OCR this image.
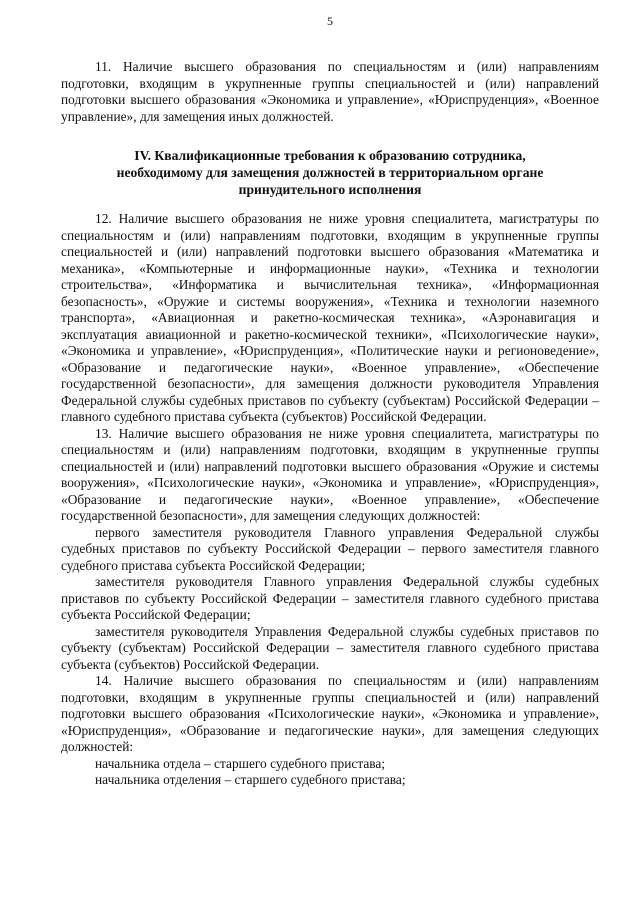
5

11. Наличие высшего образования по специальностям и (или) направлениям подготовки, входящим в укрупненные группы специальностей и (или) направлений подготовки высшего образования «Экономика и управление», «Юриспруденция», «Военное управление», для замещения иных должностей.

IV. Квалификационные требования к образованию сотрудника,
необходимому для замещения должностей в территориальном органе
принудительного исполнения

12. Наличие высшего образования не ниже уровня специалитета, магистратуры по специальностям и (или) направлениям подготовки, входящим в укрупненные группы специальностей и (или) направлений подготовки высшего образования «Математика и механика», «Компьютерные и информационные науки», «Техника и технологии строительства», «Информатика и вычислительная техника», «Информационная безопасность», «Оружие и системы вооружения», «Техника и технологии наземного транспорта», «Авиационная и ракетно-космическая техника», «Аэронавигация и эксплуатация авиационной и ракетно-космической техники», «Психологические науки», «Экономика и управление», «Юриспруденция», «Политические науки и регионоведение», «Образование и педагогические науки», «Военное управление», «Обеспечение государственной безопасности», для замещения должности руководителя Управления Федеральной службы судебных приставов по субъекту (субъектам) Российской Федерации – главного судебного пристава субъекта (субъектов) Российской Федерации.

13. Наличие высшего образования не ниже уровня специалитета, магистратуры по специальностям и (или) направлениям подготовки, входящим в укрупненные группы специальностей и (или) направлений подготовки высшего образования «Оружие и системы вооружения», «Психологические науки», «Экономика и управление», «Юриспруденция», «Образование и педагогические науки», «Военное управление», «Обеспечение государственной безопасности», для замещения следующих должностей:

первого заместителя руководителя Главного управления Федеральной службы судебных приставов по субъекту Российской Федерации – первого заместителя главного судебного пристава субъекта Российской Федерации;

заместителя руководителя Главного управления Федеральной службы судебных приставов по субъекту Российской Федерации – заместителя главного судебного пристава субъекта Российской Федерации;

заместителя руководителя Управления Федеральной службы судебных приставов по субъекту (субъектам) Российской Федерации – заместителя главного судебного пристава субъекта (субъектов) Российской Федерации.

14. Наличие высшего образования по специальностям и (или) направлениям подготовки, входящим в укрупненные группы специальностей и (или) направлений подготовки высшего образования «Психологические науки», «Экономика и управление», «Юриспруденция», «Образование и педагогические науки», для замещения следующих должностей:

начальника отдела – старшего судебного пристава;

начальника отделения – старшего судебного пристава;
